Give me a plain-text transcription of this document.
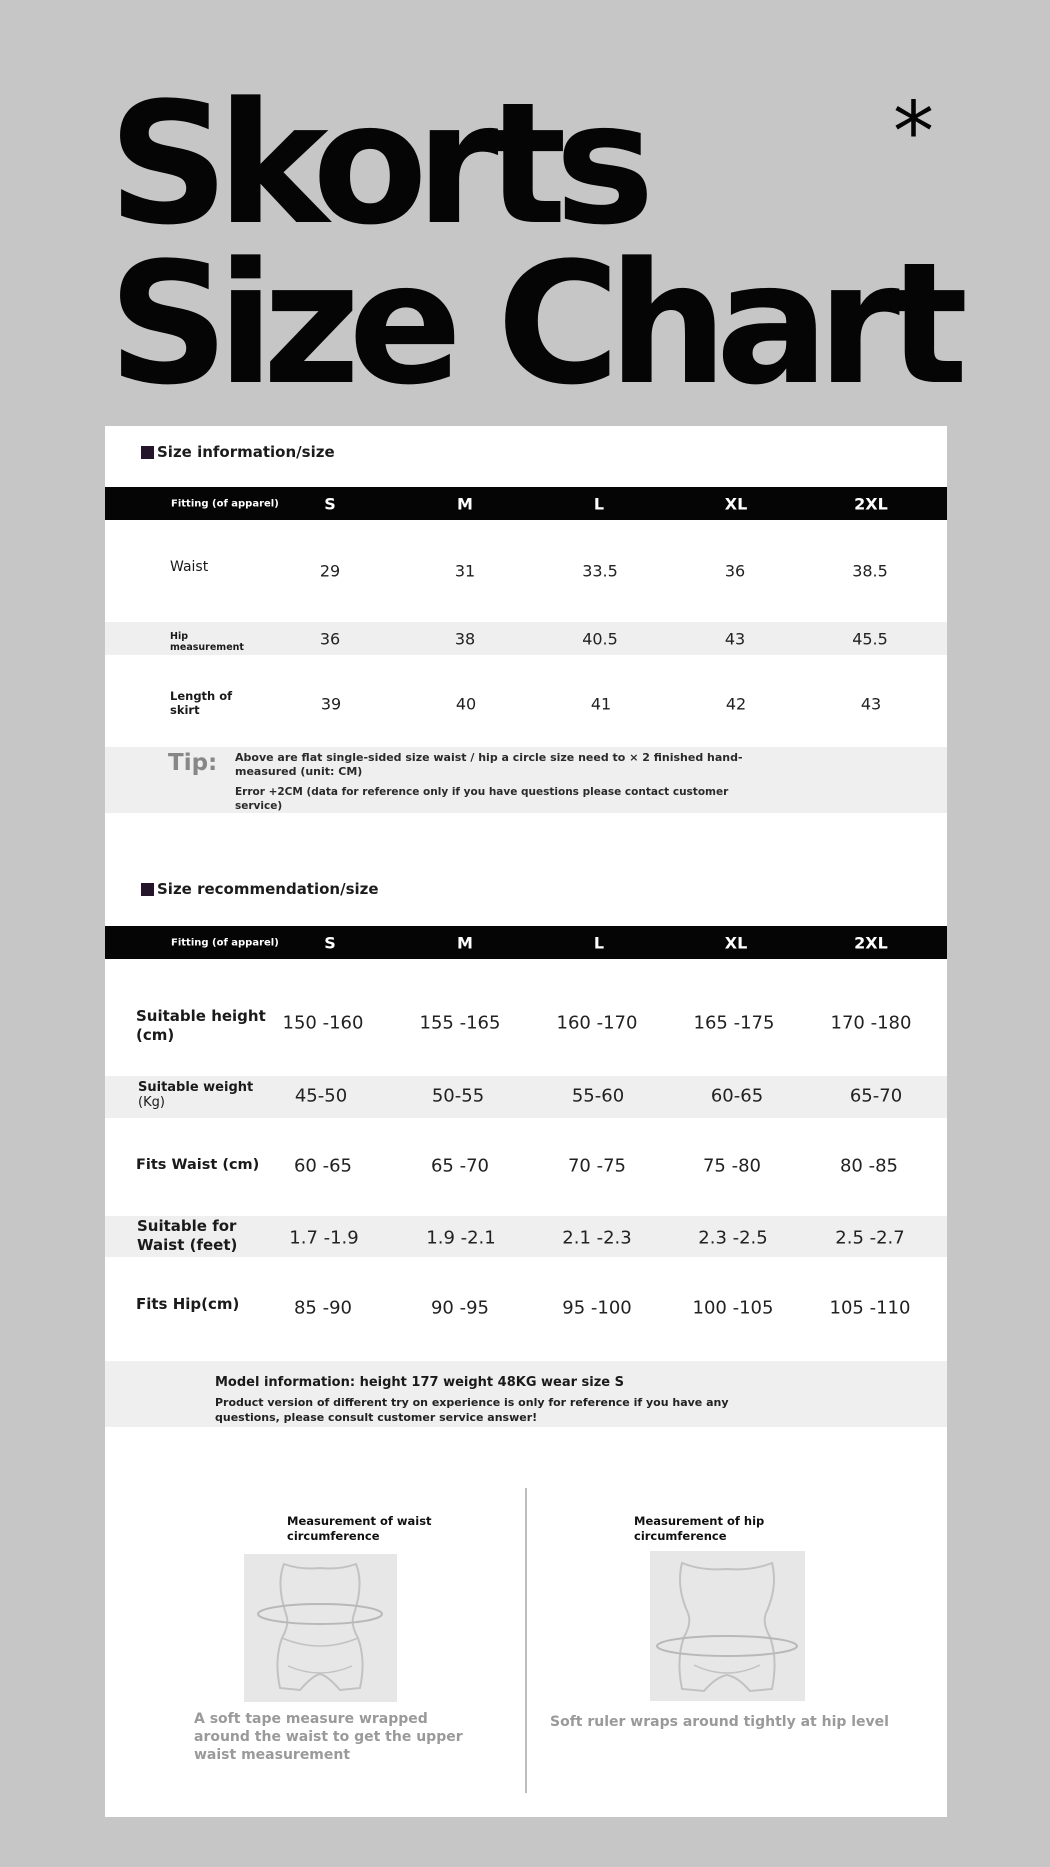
Skorts
Size Chart
*
Size information/size
Fitting (of apparel)	S	M	L	XL	2XL
Waist	29	31	33.5	36	38.5
Hip
measurement	36	38	40.5	43	45.5
Length of
skirt	39	40	41	42	43
Tip: Above are flat single-sided size waist / hip a circle size need to × 2 finished hand-measured (unit: CM)
Error +2CM (data for reference only if you have questions please contact customer service)
Size recommendation/size
Fitting (of apparel)	S	M	L	XL	2XL
Suitable height
(cm)
150 -160	155 -165	160 -170	165 -175	170 -180
Suitable weight
(Kg)	45-50	50-55	55-60	60-65	65-70
Fits Waist (cm) 60 -65	65 -70	70 -75	75 -80	80 -85
Suitable for
Waist (feet)	1.7 -1.9	1.9 -2.1	2.1 -2.3	2.3 -2.5	2.5 -2.7
Fits Hip(cm)	85 -90	90 -95	95 -100	100 -105	105 -110
Model information: height 177 weight 48KG wear size S
Product version of different try on experience is only for reference if you have any questions, please consult customer service answer!
Measurement of waist circumference
A soft tape measure wrapped around the waist to get the upper waist measurement
Measurement of hip circumference
Soft ruler wraps around tightly at hip level
